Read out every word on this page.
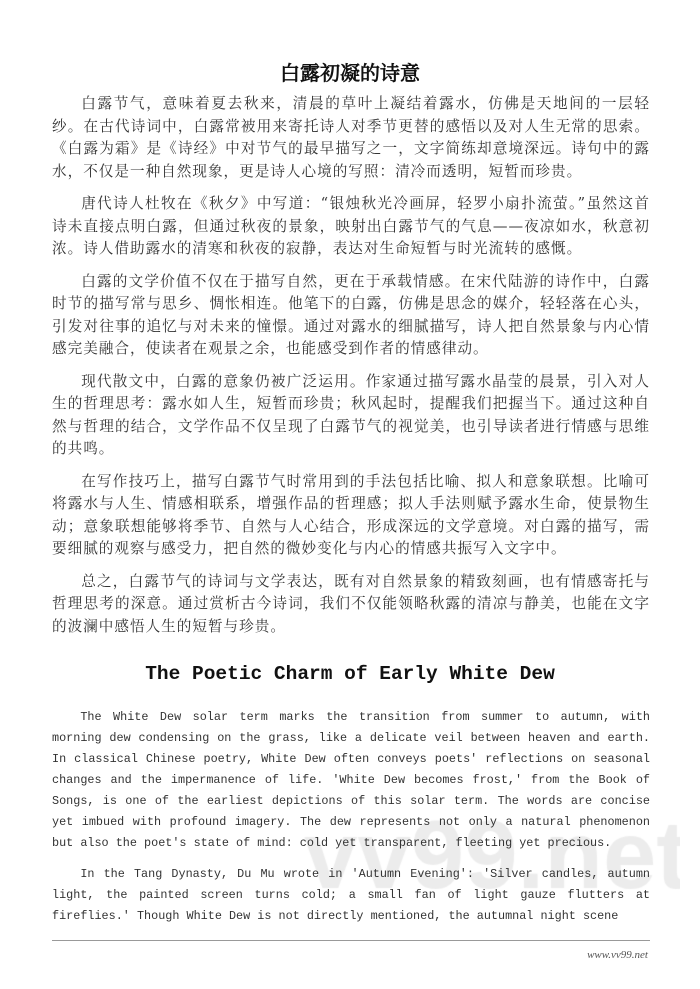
白露初凝的诗意

白露节气，意味着夏去秋来，清晨的草叶上凝结着露水，仿佛是天地间的一层轻纱。在古代诗词中，白露常被用来寄托诗人对季节更替的感悟以及对人生无常的思索。《白露为霜》是《诗经》中对节气的最早描写之一，文字简练却意境深远。诗句中的露水，不仅是一种自然现象，更是诗人心境的写照：清冷而透明，短暂而珍贵。

唐代诗人杜牧在《秋夕》中写道：“银烛秋光冷画屏，轻罗小扇扑流萤。”虽然这首诗未直接点明白露，但通过秋夜的景象，映射出白露节气的气息——夜凉如水，秋意初浓。诗人借助露水的清寒和秋夜的寂静，表达对生命短暂与时光流转的感慨。

白露的文学价值不仅在于描写自然，更在于承载情感。在宋代陆游的诗作中，白露时节的描写常与思乡、惆怅相连。他笔下的白露，仿佛是思念的媒介，轻轻落在心头，引发对往事的追忆与对未来的憧憬。通过对露水的细腻描写，诗人把自然景象与内心情感完美融合，使读者在观景之余，也能感受到作者的情感律动。

现代散文中，白露的意象仍被广泛运用。作家通过描写露水晶莹的晨景，引入对人生的哲理思考：露水如人生，短暂而珍贵；秋风起时，提醒我们把握当下。通过这种自然与哲理的结合，文学作品不仅呈现了白露节气的视觉美，也引导读者进行情感与思维的共鸣。

在写作技巧上，描写白露节气时常用到的手法包括比喻、拟人和意象联想。比喻可将露水与人生、情感相联系，增强作品的哲理感；拟人手法则赋予露水生命，使景物生动；意象联想能够将季节、自然与人心结合，形成深远的文学意境。对白露的描写，需要细腻的观察与感受力，把自然的微妙变化与内心的情感共振写入文字中。

总之，白露节气的诗词与文学表达，既有对自然景象的精致刻画，也有情感寄托与哲理思考的深意。通过赏析古今诗词，我们不仅能领略秋露的清凉与静美，也能在文字的波澜中感悟人生的短暂与珍贵。

The Poetic Charm of Early White Dew

The White Dew solar term marks the transition from summer to autumn, with morning dew condensing on the grass, like a delicate veil between heaven and earth. In classical Chinese poetry, White Dew often conveys poets' reflections on seasonal changes and the impermanence of life. 'White Dew becomes frost,' from the Book of Songs, is one of the earliest depictions of this solar term. The words are concise yet imbued with profound imagery. The dew represents not only a natural phenomenon but also the poet's state of mind: cold yet transparent, fleeting yet precious.

In the Tang Dynasty, Du Mu wrote in 'Autumn Evening': 'Silver candles, autumn light, the painted screen turns cold; a small fan of light gauze flutters at fireflies.' Though White Dew is not directly mentioned, the autumnal night scene

www.vv99.net
